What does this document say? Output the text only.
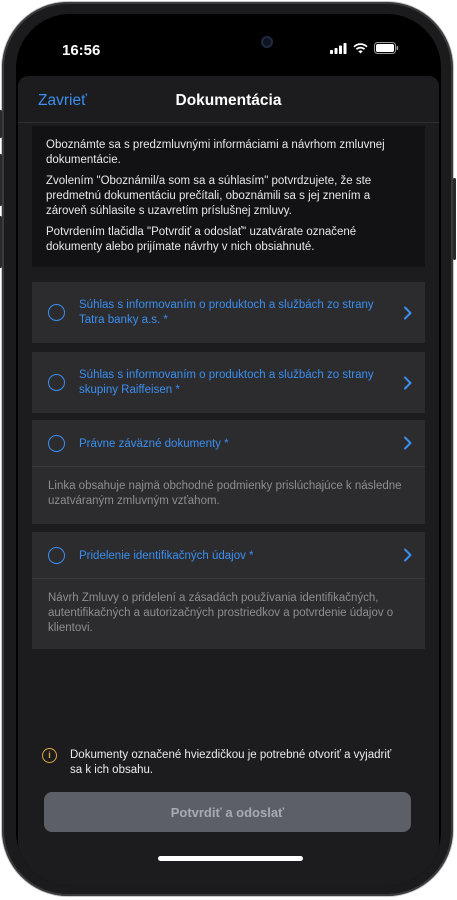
16:56
Zavrieť	Dokumentácia

Oboznámte sa s predzmluvnými informáciami a návrhom zmluvnej dokumentácie.

Zvolením "Oboznámil/a som sa a súhlasím" potvrdzujete, že ste predmetnú dokumentáciu prečítali, oboznámili sa s jej znením a zároveň súhlasite s uzavretím príslušnej zmluvy.

Potvrdením tlačidla "Potvrdiť a odoslať" uzatvárate označené dokumenty alebo prijímate návrhy v nich obsiahnuté.

Súhlas s informovaním o produktoch a službách zo strany Tatra banky a.s. *
Súhlas s informovaním o produktoch a službách zo strany skupiny Raiffeisen *
Právne záväzné dokumenty *
Linka obsahuje najmä obchodné podmienky prislúchajúce k následne uzatváraným zmluvným vzťahom.
Pridelenie identifikačných údajov *
Návrh Zmluvy o pridelení a zásadách používania identifikačných, autentifikačných a autorizačných prostriedkov a potvrdenie údajov o klientovi.
i	Dokumenty označené hviezdičkou je potrebné otvoriť a vyjadriť sa k ich obsahu.
Potvrdiť a odoslať
